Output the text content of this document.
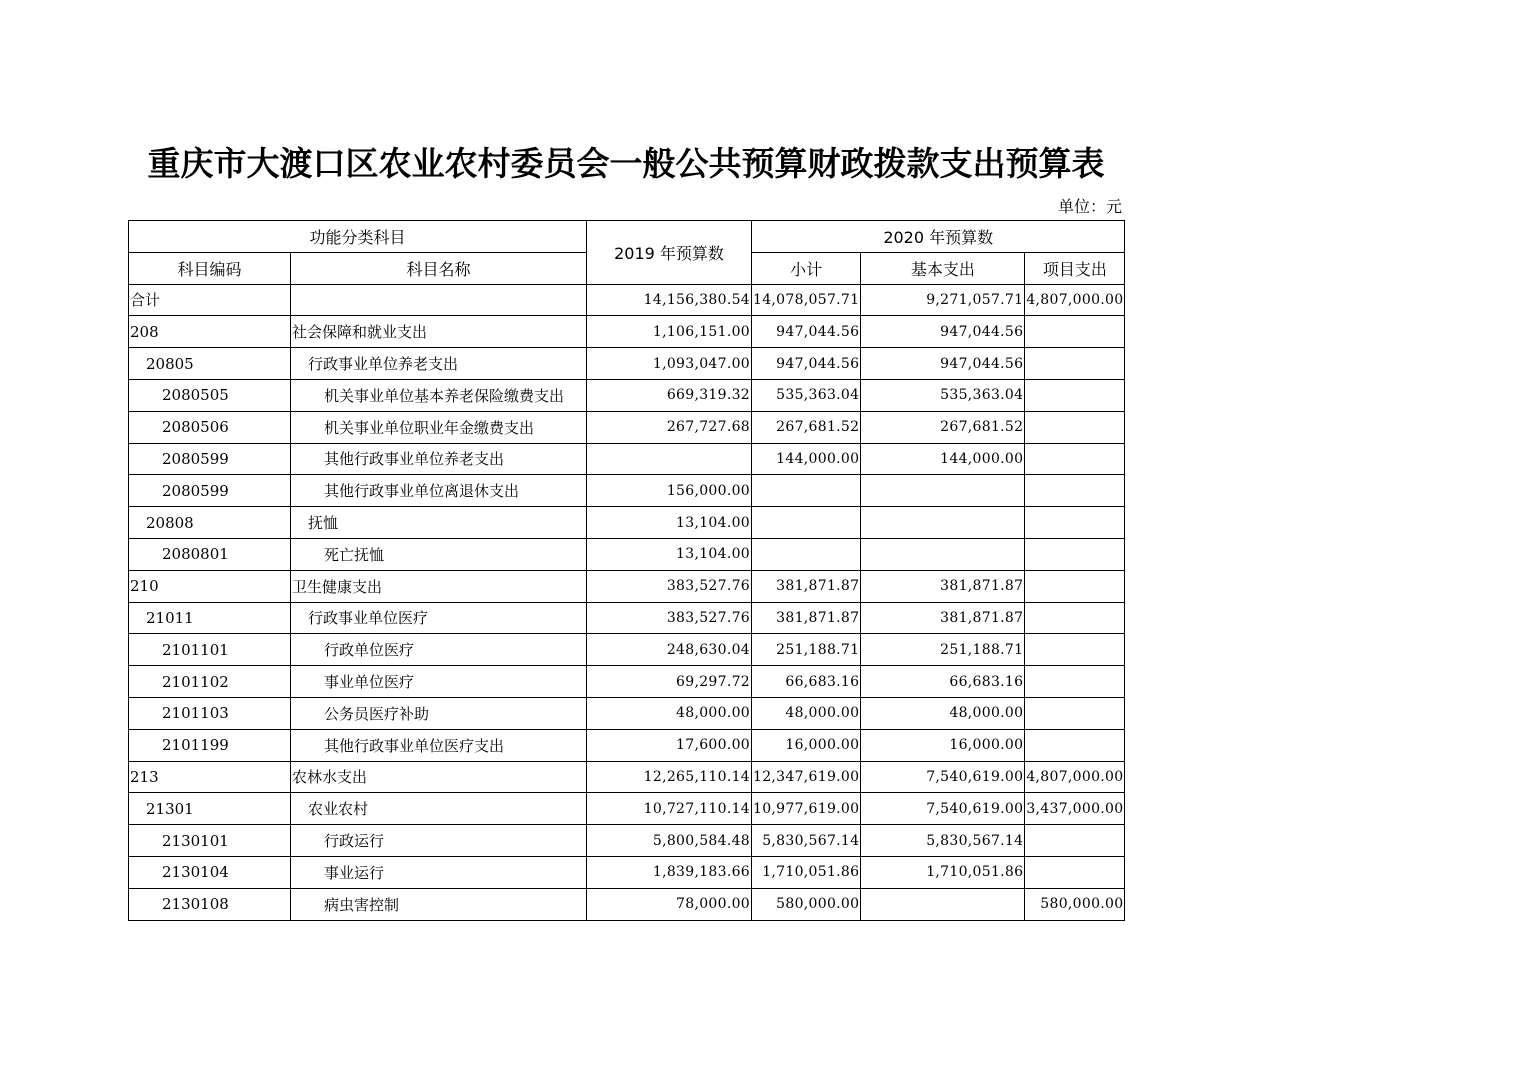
重庆市大渡口区农业农村委员会一般公共预算财政拨款支出预算表
单位：元
功能分类科目		2019 年预算数	2020 年预算数		
科目编码	科目名称		小计	基本支出	项目支出
合计		14,156,380.54	14,078,057.71	9,271,057.71	4,807,000.00
208	社会保障和就业支出	1,106,151.00	947,044.56	947,044.56	
20805	行政事业单位养老支出	1,093,047.00	947,044.56	947,044.56	
2080505	机关事业单位基本养老保险缴费支出	669,319.32	535,363.04	535,363.04	
2080506	机关事业单位职业年金缴费支出	267,727.68	267,681.52	267,681.52	
2080599	其他行政事业单位养老支出		144,000.00	144,000.00	
2080599	其他行政事业单位离退休支出	156,000.00			
20808	抚恤	13,104.00			
2080801	死亡抚恤	13,104.00			
210	卫生健康支出	383,527.76	381,871.87	381,871.87	
21011	行政事业单位医疗	383,527.76	381,871.87	381,871.87	
2101101	行政单位医疗	248,630.04	251,188.71	251,188.71	
2101102	事业单位医疗	69,297.72	66,683.16	66,683.16	
2101103	公务员医疗补助	48,000.00	48,000.00	48,000.00	
2101199	其他行政事业单位医疗支出	17,600.00	16,000.00	16,000.00	
213	农林水支出	12,265,110.14	12,347,619.00	7,540,619.00	4,807,000.00
21301	农业农村	10,727,110.14	10,977,619.00	7,540,619.00	3,437,000.00
2130101	行政运行	5,800,584.48	5,830,567.14	5,830,567.14	
2130104	事业运行	1,839,183.66	1,710,051.86	1,710,051.86	
2130108	病虫害控制	78,000.00	580,000.00		580,000.00
